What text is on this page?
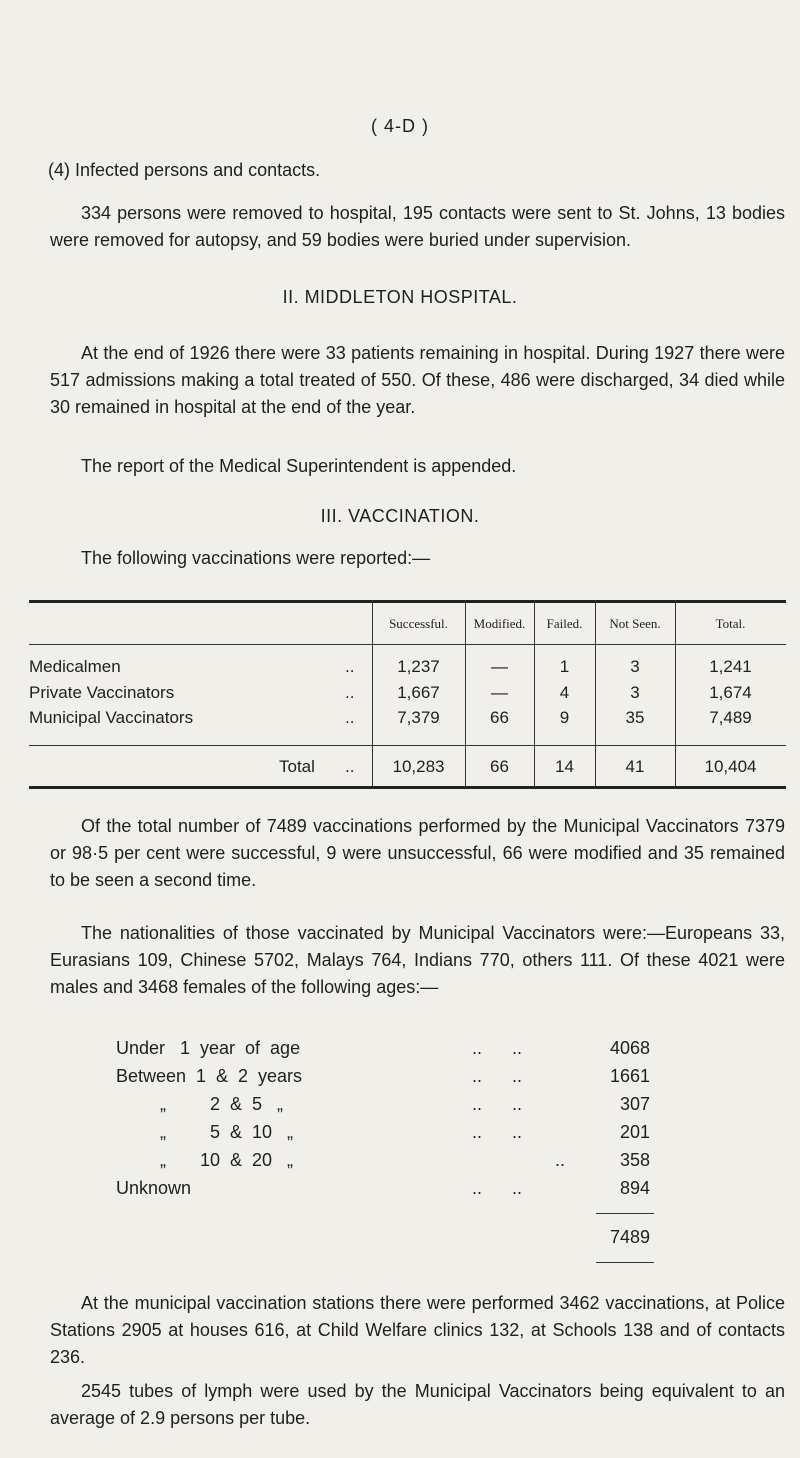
( 4-D )
(4) Infected persons and contacts.

334 persons were removed to hospital, 195 contacts were sent to St. Johns, 13 bodies were removed for autopsy, and 59 bodies were buried under supervision.

II. MIDDLETON HOSPITAL.

At the end of 1926 there were 33 patients remaining in hospital. During 1927 there were 517 admissions making a total treated of 550. Of these, 486 were discharged, 34 died while 30 remained in hospital at the end of the year.

The report of the Medical Superintendent is appended.

III. VACCINATION.
The following vaccinations were reported:—
Successful.	Modified.	Failed.	Not Seen.	Total.
Medicalmen	..	1,237	—	1	3	1,241
Private Vaccinators	..	1,667	—	4	3	1,674
Municipal Vaccinators	..	7,379	66	9	35	7,489
Total ..	10,283	66	14	41	10,404

Of the total number of 7489 vaccinations performed by the Municipal Vaccinators 7379 or 98·5 per cent were successful, 9 were unsuccessful, 66 were modified and 35 remained to be seen a second time.

The nationalities of those vaccinated by Municipal Vaccinators were:—Europeans 33, Eurasians 109, Chinese 5702, Malays 764, Indians 770, others 111. Of these 4021 were males and 3468 females of the following ages:—

Under 1  year  of  age	..      ..	4068
Between 1  &  2  years	..      ..	1661
„ 2  &  5   „	..      ..	307
„ 5  &  10   „	..      ..	201
„ 10  &  20   „	..	358
Unknown	..      ..	894
7489

At the municipal vaccination stations there were performed 3462 vaccinations, at Police Stations 2905 at houses 616, at Child Welfare clinics 132, at Schools 138 and of contacts 236.

2545 tubes of lymph were used by the Municipal Vaccinators being equivalent to an average of 2.9 persons per tube.
